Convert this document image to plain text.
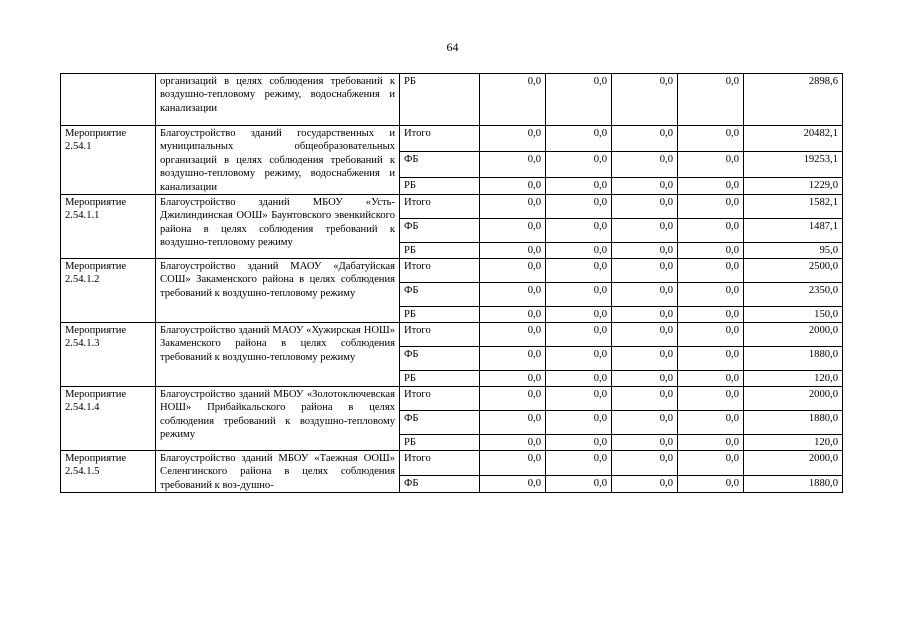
64
	организаций в целях соблюдения требований к воздушно-тепловому режиму, водоснабжения и канализации	РБ	0,0	0,0	0,0	0,0	2898,6
Мероприятие 2.54.1	Благоустройство зданий государственных и муниципальных общеобразовательных организаций в целях соблюдения требований к воздушно-тепловому режиму, водоснабжения и канализации	Итого	0,0	0,0	0,0	0,0	20482,1
		ФБ	0,0	0,0	0,0	0,0	19253,1
		РБ	0,0	0,0	0,0	0,0	1229,0
Мероприятие 2.54.1.1	Благоустройство зданий МБОУ «Усть-Джилиндинская ООШ» Баунтовского эвенкийского района в целях соблюдения требований к воздушно-тепловому режиму	Итого	0,0	0,0	0,0	0,0	1582,1
		ФБ	0,0	0,0	0,0	0,0	1487,1
		РБ	0,0	0,0	0,0	0,0	95,0
Мероприятие 2.54.1.2	Благоустройство зданий МАОУ «Дабатуйская СОШ» Закаменского района в целях соблюдения требований к воздушно-тепловому режиму	Итого	0,0	0,0	0,0	0,0	2500,0
		ФБ	0,0	0,0	0,0	0,0	2350,0
		РБ	0,0	0,0	0,0	0,0	150,0
Мероприятие 2.54.1.3	Благоустройство зданий МАОУ «Хужирская НОШ» Закаменского района в целях соблюдения требований к воздушно-тепловому режиму	Итого	0,0	0,0	0,0	0,0	2000,0
		ФБ	0,0	0,0	0,0	0,0	1880,0
		РБ	0,0	0,0	0,0	0,0	120,0
Мероприятие 2.54.1.4	Благоустройство зданий МБОУ «Золотоключевская НОШ» Прибайкальского района в целях соблюдения требований к воздушно-тепловому режиму	Итого	0,0	0,0	0,0	0,0	2000,0
		ФБ	0,0	0,0	0,0	0,0	1880,0
		РБ	0,0	0,0	0,0	0,0	120,0
Мероприятие 2.54.1.5	Благоустройство зданий МБОУ «Таежная ООШ» Селенгинского района в целях соблюдения требований к воз-душно-	Итого	0,0	0,0	0,0	0,0	2000,0
		ФБ	0,0	0,0	0,0	0,0	1880,0
